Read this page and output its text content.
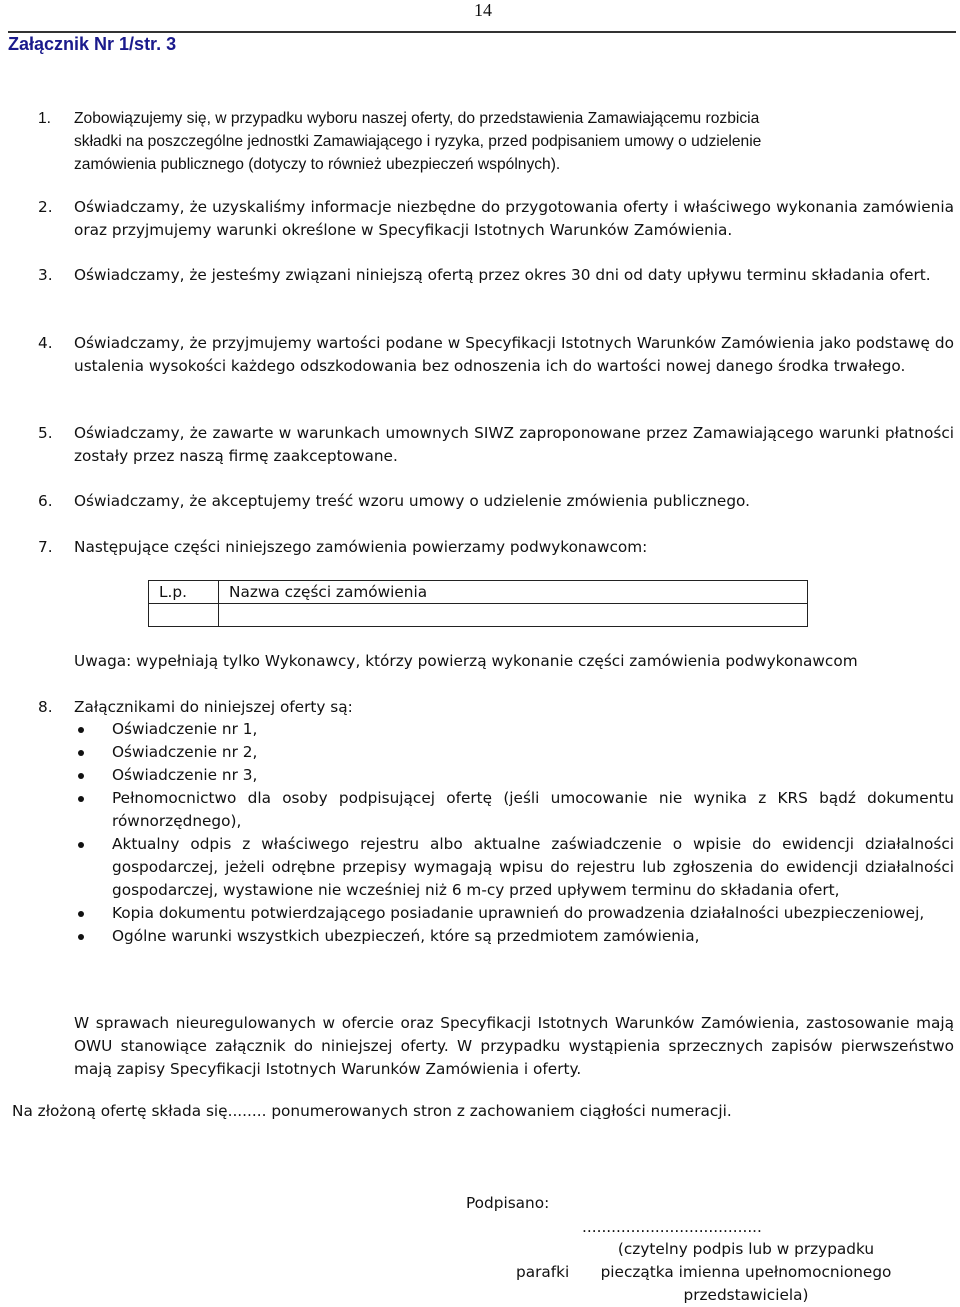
14
Załącznik Nr 1/str. 3
1. Zobowiązujemy się, w przypadku wyboru naszej oferty, do przedstawienia Zamawiającemu rozbicia
składki na poszczególne jednostki Zamawiającego i ryzyka, przed podpisaniem umowy o udzielenie
zamówienia publicznego (dotyczy to również ubezpieczeń wspólnych).
2. Oświadczamy, że uzyskaliśmy informacje niezbędne do przygotowania oferty i właściwego wykonania zamówienia oraz przyjmujemy warunki określone w Specyfikacji Istotnych Warunków Zamówienia.
3. Oświadczamy, że jesteśmy związani niniejszą ofertą przez okres 30 dni od daty upływu terminu składania ofert.
4. Oświadczamy, że przyjmujemy wartości podane w Specyfikacji Istotnych Warunków Zamówienia jako podstawę do ustalenia wysokości każdego odszkodowania bez odnoszenia ich do wartości nowej danego środka trwałego.
5. Oświadczamy, że zawarte w warunkach umownych SIWZ zaproponowane przez Zamawiającego warunki płatności zostały przez naszą firmę zaakceptowane.
6. Oświadczamy, że akceptujemy treść wzoru umowy o udzielenie zmówienia publicznego.
7. Następujące części niniejszego zamówienia powierzamy podwykonawcom:
L.p.	Nazwa części zamówienia

Uwaga: wypełniają tylko Wykonawcy, którzy powierzą wykonanie części zamówienia podwykonawcom
8. Załącznikami do niniejszej oferty są:
Oświadczenie nr 1,
Oświadczenie nr 2,
Oświadczenie nr 3,
Pełnomocnictwo dla osoby podpisującej ofertę (jeśli umocowanie nie wynika z KRS bądź dokumentu równorzędnego),
Aktualny odpis z właściwego rejestru albo aktualne zaświadczenie o wpisie do ewidencji działalności gospodarczej, jeżeli odrębne przepisy wymagają wpisu do rejestru lub zgłoszenia do ewidencji działalności gospodarczej, wystawione nie wcześniej niż 6 m-cy przed upływem terminu do składania ofert,
Kopia dokumentu potwierdzającego posiadanie uprawnień do prowadzenia działalności ubezpieczeniowej,
Ogólne warunki wszystkich ubezpieczeń, które są przedmiotem zamówienia,
W sprawach nieuregulowanych w ofercie oraz Specyfikacji Istotnych Warunków Zamówienia, zastosowanie mają OWU stanowiące załącznik do niniejszej oferty. W przypadku wystąpienia sprzecznych zapisów pierwszeństwo mają zapisy Specyfikacji Istotnych Warunków Zamówienia i oferty.
Na złożoną ofertę składa się........ ponumerowanych stron z zachowaniem ciągłości numeracji.
Podpisano:
.....................................
parafki
(czytelny podpis lub w przypadku
pieczątka imienna upełnomocnionego
przedstawiciela)
